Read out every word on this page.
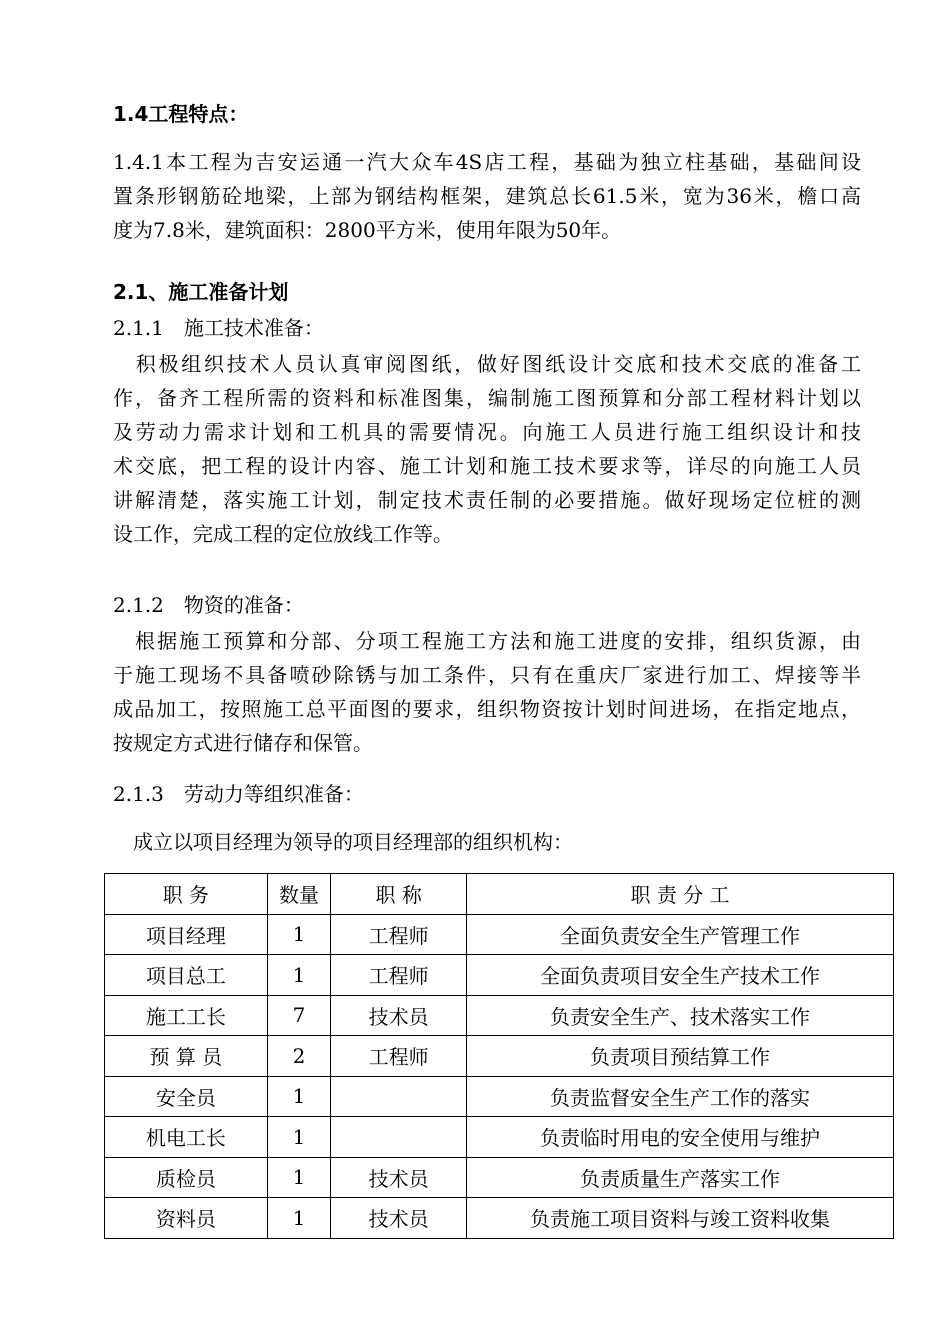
1.4工程特点：
1.4.1本工程为吉安运通一汽大众车4S店工程，基础为独立柱基础，基础间设
置条形钢筋砼地梁，上部为钢结构框架，建筑总长61.5米，宽为36米，檐口高
度为7.8米，建筑面积：2800平方米，使用年限为50年。
2.1、施工准备计划
2.1.1　施工技术准备：
　积极组织技术人员认真审阅图纸，做好图纸设计交底和技术交底的准备工
作，备齐工程所需的资料和标准图集，编制施工图预算和分部工程材料计划以
及劳动力需求计划和工机具的需要情况。向施工人员进行施工组织设计和技
术交底，把工程的设计内容、施工计划和施工技术要求等，详尽的向施工人员
讲解清楚，落实施工计划，制定技术责任制的必要措施。做好现场定位桩的测
设工作，完成工程的定位放线工作等。
2.1.2　物资的准备：
　根据施工预算和分部、分项工程施工方法和施工进度的安排，组织货源，由
于施工现场不具备喷砂除锈与加工条件，只有在重庆厂家进行加工、焊接等半
成品加工，按照施工总平面图的要求，组织物资按计划时间进场，在指定地点，
按规定方式进行储存和保管。
2.1.3　劳动力等组织准备：
　成立以项目经理为领导的项目经理部的组织机构：
职 务	数量	职 称	职 责 分 工
项目经理	1	工程师	全面负责安全生产管理工作
项目总工	1	工程师	全面负责项目安全生产技术工作
施工工长	7	技术员	负责安全生产、技术落实工作
预 算 员	2	工程师	负责项目预结算工作
安全员	1		负责监督安全生产工作的落实
机电工长	1		负责临时用电的安全使用与维护
质检员	1	技术员	负责质量生产落实工作
资料员	1	技术员	负责施工项目资料与竣工资料收集
